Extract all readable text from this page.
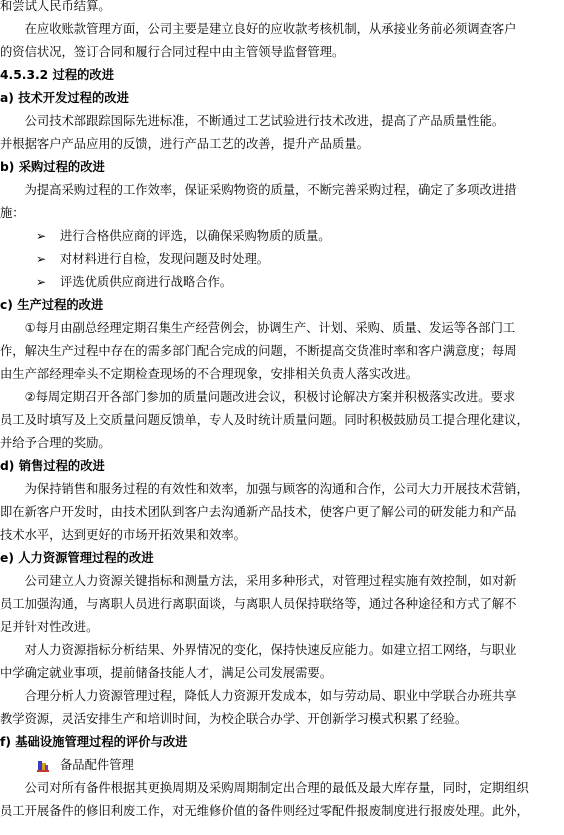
和尝试人民币结算。
　　在应收账款管理方面，公司主要是建立良好的应收款考核机制，从承接业务前必须调查客户
的资信状况，签订合同和履行合同过程中由主管领导监督管理。
4.5.3.2 过程的改进
a) 技术开发过程的改进
　　公司技术部跟踪国际先进标准，不断通过工艺试验进行技术改进，提高了产品质量性能。
并根据客户产品应用的反馈，进行产品工艺的改善，提升产品质量。
b) 采购过程的改进
　　为提高采购过程的工作效率，保证采购物资的质量，不断完善采购过程，确定了多项改进措
施：
➢ 进行合格供应商的评选，以确保采购物质的质量。
➢ 对材料进行自检，发现问题及时处理。
➢ 评选优质供应商进行战略合作。
c) 生产过程的改进
　　①每月由副总经理定期召集生产经营例会，协调生产、计划、采购、质量、发运等各部门工
作，解决生产过程中存在的需多部门配合完成的问题，不断提高交货准时率和客户满意度；每周
由生产部经理牵头不定期检查现场的不合理现象，安排相关负责人落实改进。
　　②每周定期召开各部门参加的质量问题改进会议，积极讨论解决方案并积极落实改进。要求
员工及时填写及上交质量问题反馈单，专人及时统计质量问题。同时积极鼓励员工提合理化建议，
并给予合理的奖励。
d) 销售过程的改进
　　为保持销售和服务过程的有效性和效率，加强与顾客的沟通和合作，公司大力开展技术营销，
即在新客户开发时，由技术团队到客户去沟通新产品技术，使客户更了解公司的研发能力和产品
技术水平，达到更好的市场开拓效果和效率。
e) 人力资源管理过程的改进
　　公司建立人力资源关键指标和测量方法，采用多种形式，对管理过程实施有效控制，如对新
员工加强沟通，与离职人员进行离职面谈，与离职人员保持联络等，通过各种途径和方式了解不
足并针对性改进。
　　对人力资源指标分析结果、外界情况的变化，保持快速反应能力。如建立招工网络，与职业
中学确定就业事项，提前储备技能人才，满足公司发展需要。
　　合理分析人力资源管理过程，降低人力资源开发成本，如与劳动局、职业中学联合办班共享
教学资源，灵活安排生产和培训时间，为校企联合办学、开创新学习模式积累了经验。
f) 基础设施管理过程的评价与改进
备品配件管理
　　公司对所有备件根据其更换周期及采购周期制定出合理的最低及最大库存量，同时，定期组织
员工开展备件的修旧利废工作，对无维修价值的备件则经过零配件报废制度进行报废处理。此外，
